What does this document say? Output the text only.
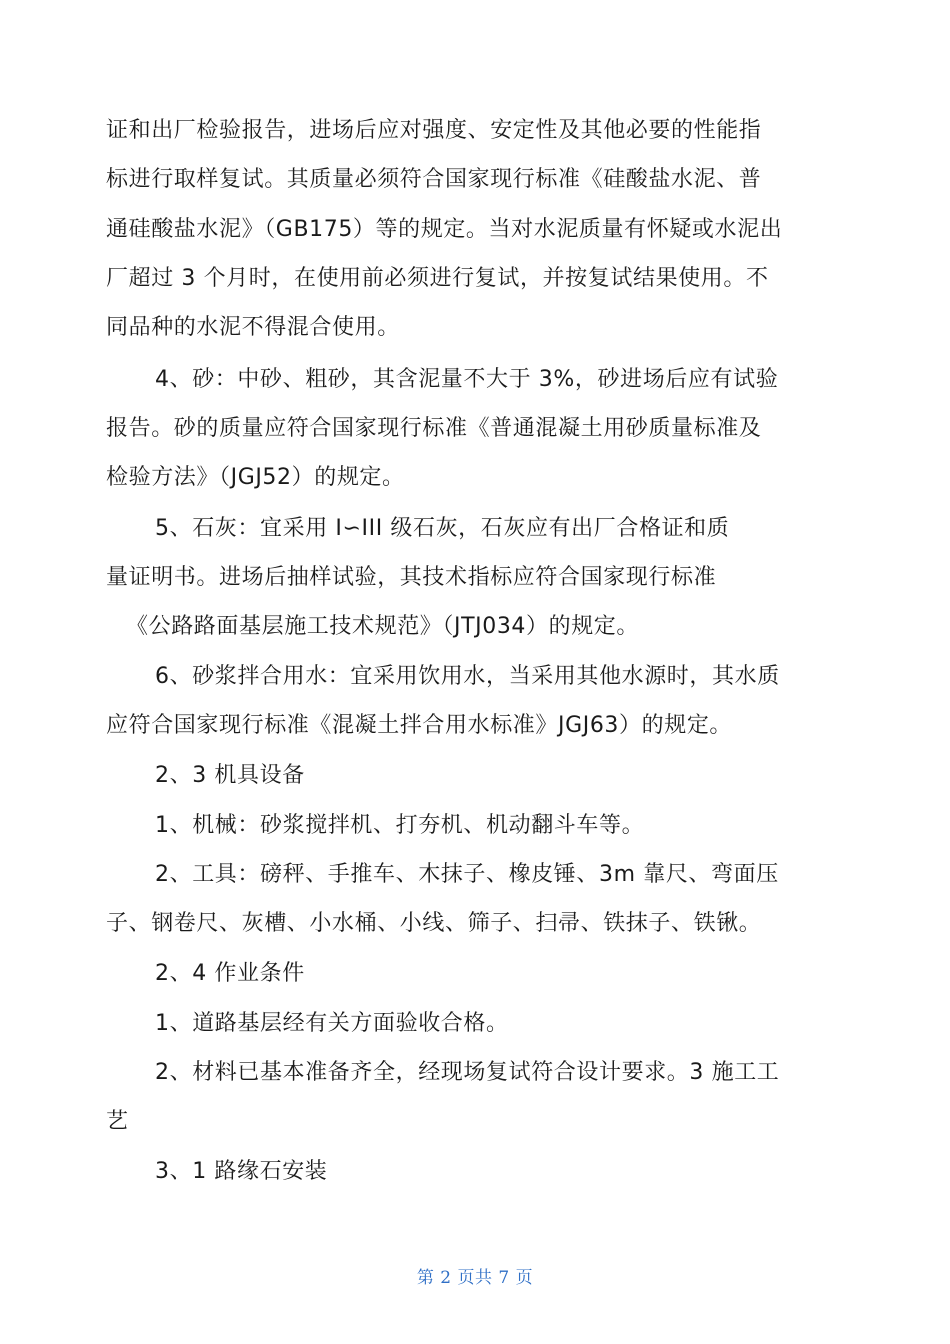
证和出厂检验报告，进场后应对强度、安定性及其他必要的性能指
标进行取样复试。其质量必须符合国家现行标准《硅酸盐水泥、普
通硅酸盐水泥》（GB175）等的规定。当对水泥质量有怀疑或水泥出
厂超过 3 个月时，在使用前必须进行复试，并按复试结果使用。不
同品种的水泥不得混合使用。
4、砂：中砂、粗砂，其含泥量不大于 3%，砂进场后应有试验
报告。砂的质量应符合国家现行标准《普通混凝土用砂质量标准及
检验方法》（JGJ52）的规定。
5、石灰：宜采用 I∽III 级石灰，石灰应有出厂合格证和质
量证明书。进场后抽样试验，其技术指标应符合国家现行标准
《公路路面基层施工技术规范》（JTJ034）的规定。
6、砂浆拌合用水：宜采用饮用水，当采用其他水源时，其水质
应符合国家现行标准《混凝土拌合用水标准》JGJ63）的规定。
2、3 机具设备
1、机械：砂浆搅拌机、打夯机、机动翻斗车等。
2、工具：磅秤、手推车、木抹子、橡皮锤、3m 靠尺、弯面压
子、钢卷尺、灰槽、小水桶、小线、筛子、扫帚、铁抹子、铁锹。
2、4 作业条件
1、道路基层经有关方面验收合格。
2、材料已基本准备齐全，经现场复试符合设计要求。3 施工工
艺
3、1 路缘石安装
第 2 页共 7 页
